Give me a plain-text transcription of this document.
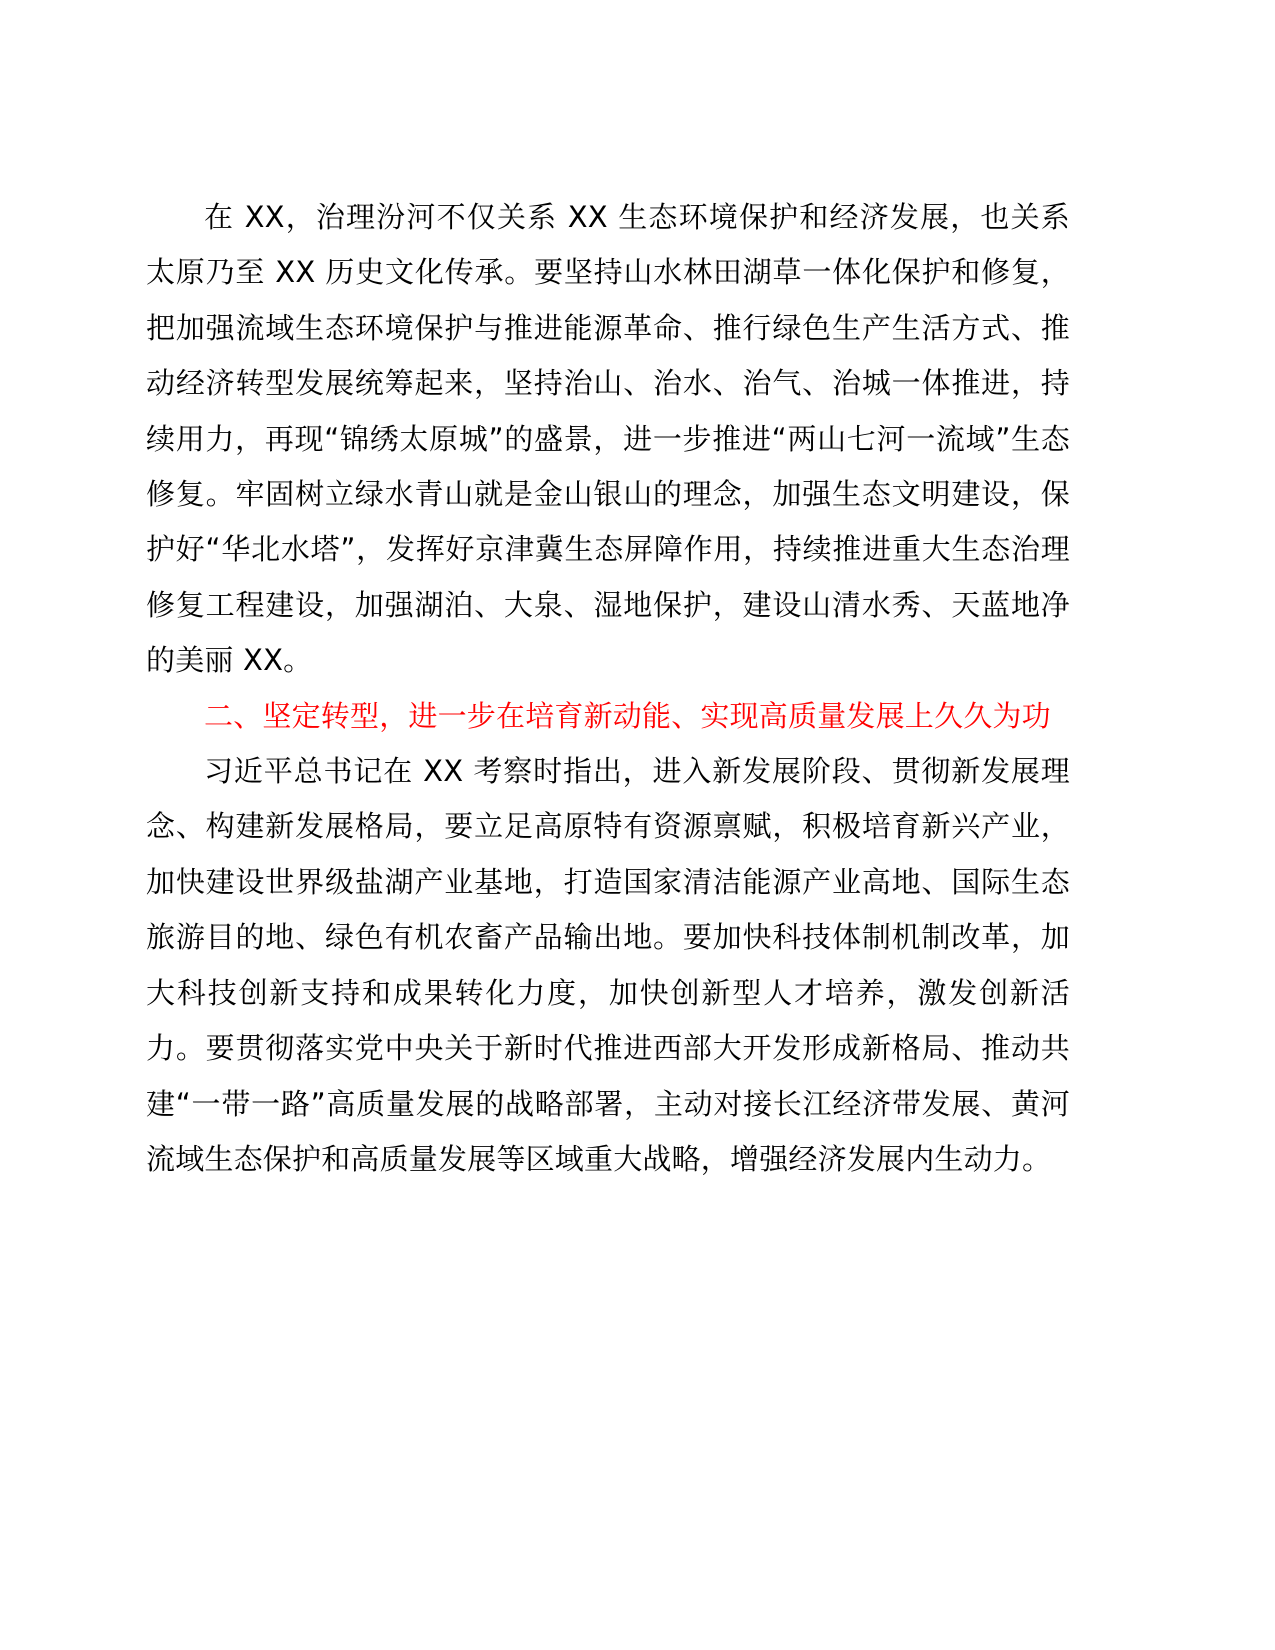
在 XX，治理汾河不仅关系 XX 生态环境保护和经济发展，也关系太原乃至 XX 历史文化传承。要坚持山水林田湖草一体化保护和修复，把加强流域生态环境保护与推进能源革命、推行绿色生产生活方式、推动经济转型发展统筹起来，坚持治山、治水、治气、治城一体推进，持续用力，再现“锦绣太原城”的盛景，进一步推进“两山七河一流域”生态修复。牢固树立绿水青山就是金山银山的理念，加强生态文明建设，保护好“华北水塔”，发挥好京津冀生态屏障作用，持续推进重大生态治理修复工程建设，加强湖泊、大泉、湿地保护，建设山清水秀、天蓝地净的美丽 XX。

二、坚定转型，进一步在培育新动能、实现高质量发展上久久为功

习近平总书记在 XX 考察时指出，进入新发展阶段、贯彻新发展理念、构建新发展格局，要立足高原特有资源禀赋，积极培育新兴产业，加快建设世界级盐湖产业基地，打造国家清洁能源产业高地、国际生态旅游目的地、绿色有机农畜产品输出地。要加快科技体制机制改革，加大科技创新支持和成果转化力度，加快创新型人才培养，激发创新活力。要贯彻落实党中央关于新时代推进西部大开发形成新格局、推动共建“一带一路”高质量发展的战略部署，主动对接长江经济带发展、黄河流域生态保护和高质量发展等区域重大战略，增强经济发展内生动力。
